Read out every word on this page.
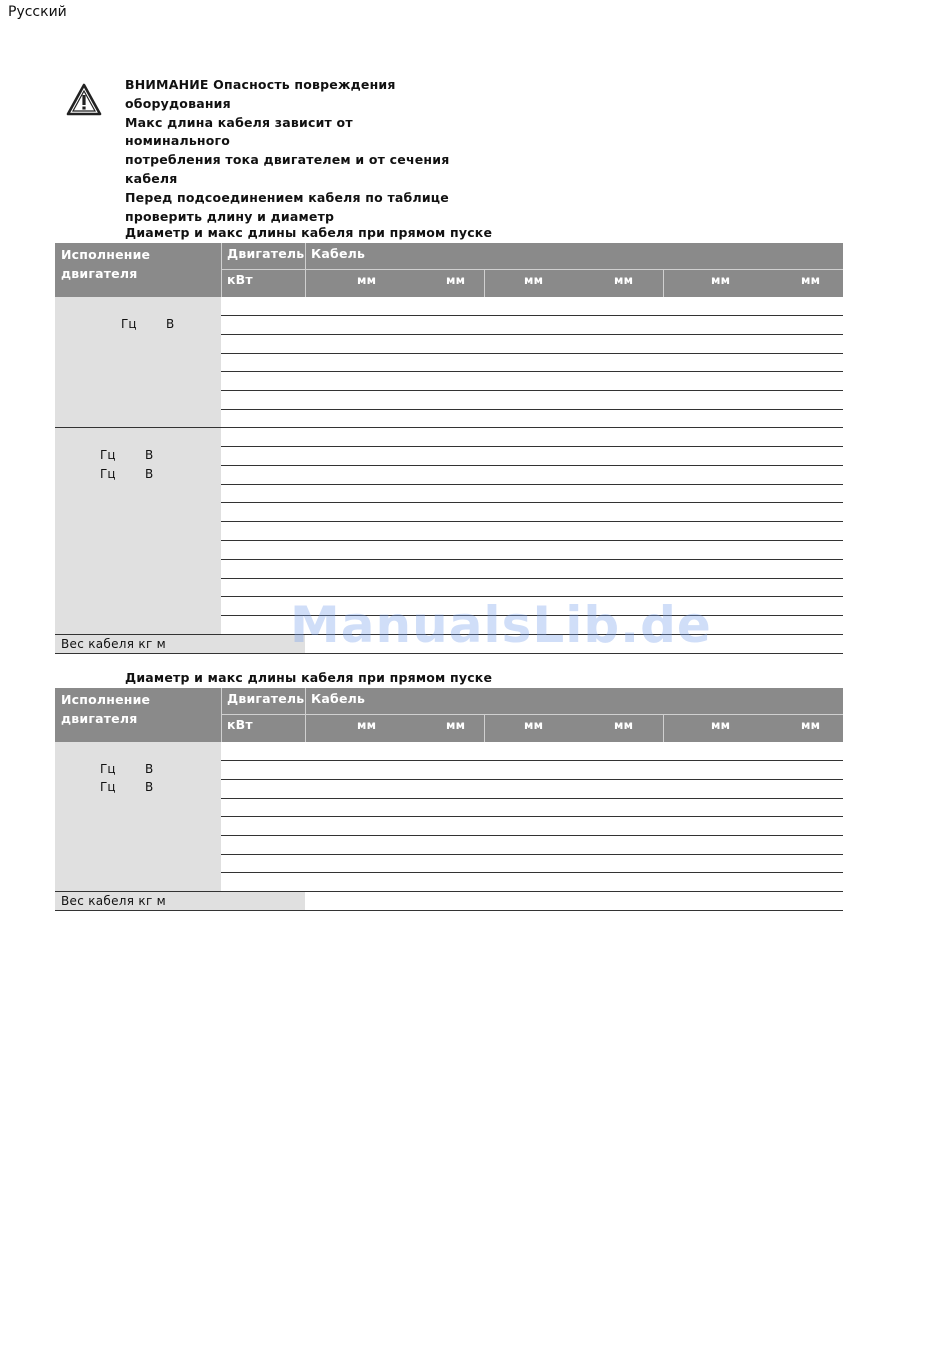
Русский
ВНИМАНИЕ Опасность повреждения
оборудования
Макс длина кабеля зависит от номинального
потребления тока двигателем и от сечения
кабеля
Перед подсоединением кабеля по таблице
проверить длину и диаметр
Диаметр и макс длины кабеля при прямом пуске
Исполнение двигателя
Двигатель Кабель
кВт	мм	мм	мм	мм	мм	мм
Гц В
Гц В
Гц В
Вес кабеля кг м
Диаметр и макс длины кабеля при прямом пуске
Исполнение двигателя
Двигатель Кабель
кВт	мм	мм	мм	мм	мм	мм
Гц В
Гц В
Вес кабеля кг м
ManualsLib.de
